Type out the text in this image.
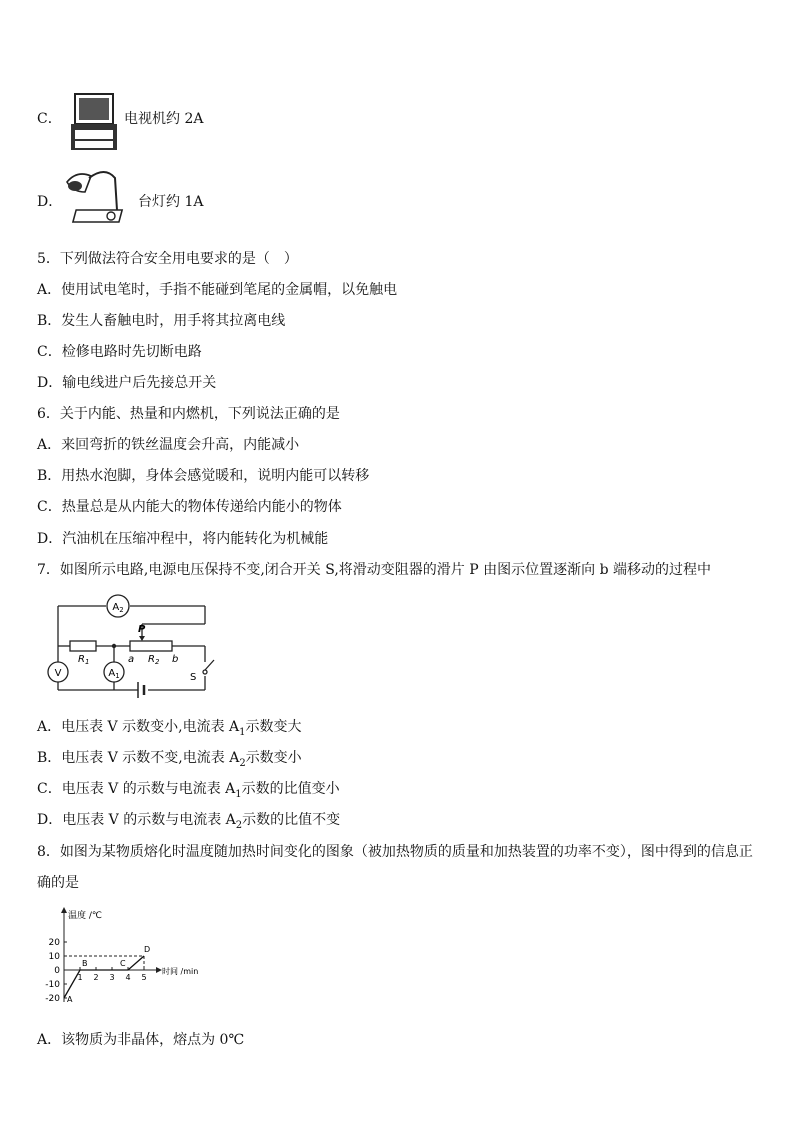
C．	电视机约 2A
D．	台灯约 1A
5．下列做法符合安全用电要求的是（　）
A．使用试电笔时，手指不能碰到笔尾的金属帽，以免触电
B．发生人畜触电时，用手将其拉离电线
C．检修电路时先切断电路
D．输电线进户后先接总开关
6．关于内能、热量和内燃机，下列说法正确的是
A．来回弯折的铁丝温度会升高，内能减小
B．用热水泡脚，身体会感觉暖和，说明内能可以转移
C．热量总是从内能大的物体传递给内能小的物体
D．汽油机在压缩冲程中，将内能转化为机械能
7．如图所示电路,电源电压保持不变,闭合开关 S,将滑动变阻器的滑片 P 由图示位置逐渐向 b 端移动的过程中
$A_2$
V	$A_1$
$R_1$	$R_2$
P
a	b
S
A．电压表 V 示数变小,电流表 $A_1$示数变大
B．电压表 V 示数不变,电流表 $A_2$示数变小
C．电压表 V 的示数与电流表 $A_1$示数的比值变小
D．电压表 V 的示数与电流表 $A_2$示数的比值不变
8．如图为某物质熔化时温度随加热时间变化的图象（被加热物质的质量和加热装置的功率不变），图中得到的信息正
确的是
温度 /℃
时间 /min
20
10
0
-10
-20
1 2 3 4 5
A
B	C
D
A．该物质为非晶体，熔点为 0℃
